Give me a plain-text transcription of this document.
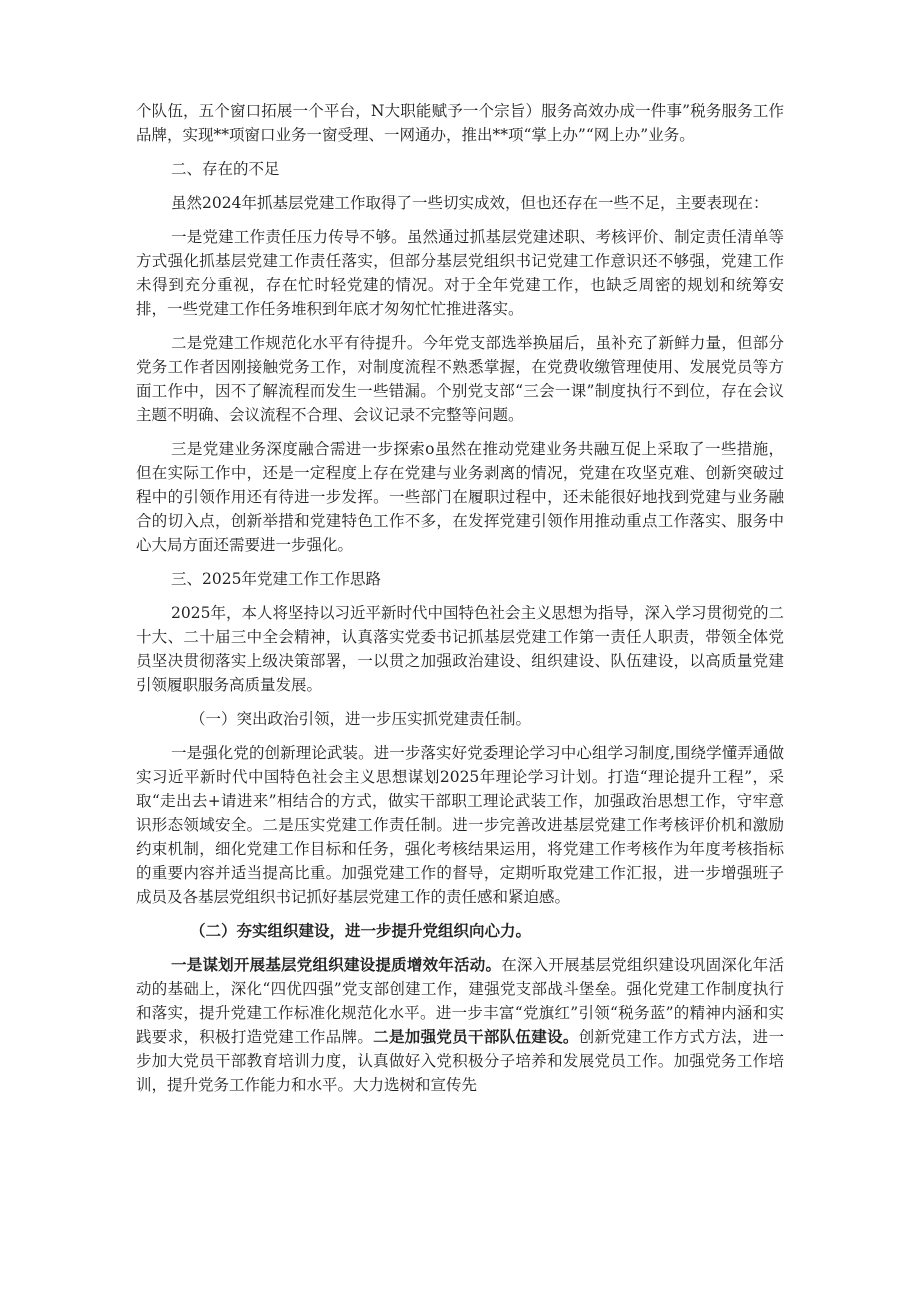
个队伍，五个窗口拓展一个平台，N大职能赋予一个宗旨）服务高效办成一件事”税务服务工作品牌，实现**项窗口业务一窗受理、一网通办，推出**项“掌上办”“网上办”业务。

二、存在的不足

虽然2024年抓基层党建工作取得了一些切实成效，但也还存在一些不足，主要表现在：

一是党建工作责任压力传导不够。虽然通过抓基层党建述职、考核评价、制定责任清单等方式强化抓基层党建工作责任落实，但部分基层党组织书记党建工作意识还不够强，党建工作未得到充分重视，存在忙时轻党建的情况。对于全年党建工作，也缺乏周密的规划和统筹安排，一些党建工作任务堆积到年底才匆匆忙忙推进落实。

二是党建工作规范化水平有待提升。今年党支部选举换届后，虽补充了新鲜力量，但部分党务工作者因刚接触党务工作，对制度流程不熟悉掌握，在党费收缴管理使用、发展党员等方面工作中，因不了解流程而发生一些错漏。个别党支部“三会一课”制度执行不到位，存在会议主题不明确、会议流程不合理、会议记录不完整等问题。

三是党建业务深度融合需进一步探索o虽然在推动党建业务共融互促上采取了一些措施，但在实际工作中，还是一定程度上存在党建与业务剥离的情况，党建在攻坚克难、创新突破过程中的引领作用还有待进一步发挥。一些部门在履职过程中，还未能很好地找到党建与业务融合的切入点，创新举措和党建特色工作不多，在发挥党建引领作用推动重点工作落实、服务中心大局方面还需要进一步强化。

三、2025年党建工作工作思路

2025年，本人将坚持以习近平新时代中国特色社会主义思想为指导，深入学习贯彻党的二十大、二十届三中全会精神，认真落实党委书记抓基层党建工作第一责任人职责，带领全体党员坚决贯彻落实上级决策部署，一以贯之加强政治建设、组织建设、队伍建设，以高质量党建引领履职服务高质量发展。

（一）突出政治引领，进一步压实抓党建责任制。

一是强化党的创新理论武装。进一步落实好党委理论学习中心组学习制度,围绕学懂弄通做实习近平新时代中国特色社会主义思想谋划2025年理论学习计划。打造“理论提升工程”，采取“走出去+请进来”相结合的方式，做实干部职工理论武装工作，加强政治思想工作，守牢意识形态领域安全。二是压实党建工作责任制。进一步完善改进基层党建工作考核评价机和激励约束机制，细化党建工作目标和任务，强化考核结果运用，将党建工作考核作为年度考核指标的重要内容并适当提高比重。加强党建工作的督导，定期听取党建工作汇报，进一步增强班子成员及各基层党组织书记抓好基层党建工作的责任感和紧迫感。

（二）夯实组织建设，进一步提升党组织向心力。

一是谋划开展基层党组织建设提质增效年活动。在深入开展基层党组织建设巩固深化年活动的基础上，深化“四优四强”党支部创建工作，建强党支部战斗堡垒。强化党建工作制度执行和落实，提升党建工作标准化规范化水平。进一步丰富“党旗红”引领“税务蓝”的精神内涵和实践要求，积极打造党建工作品牌。二是加强党员干部队伍建设。创新党建工作方式方法，进一步加大党员干部教育培训力度，认真做好入党积极分子培养和发展党员工作。加强党务工作培训，提升党务工作能力和水平。大力选树和宣传先
